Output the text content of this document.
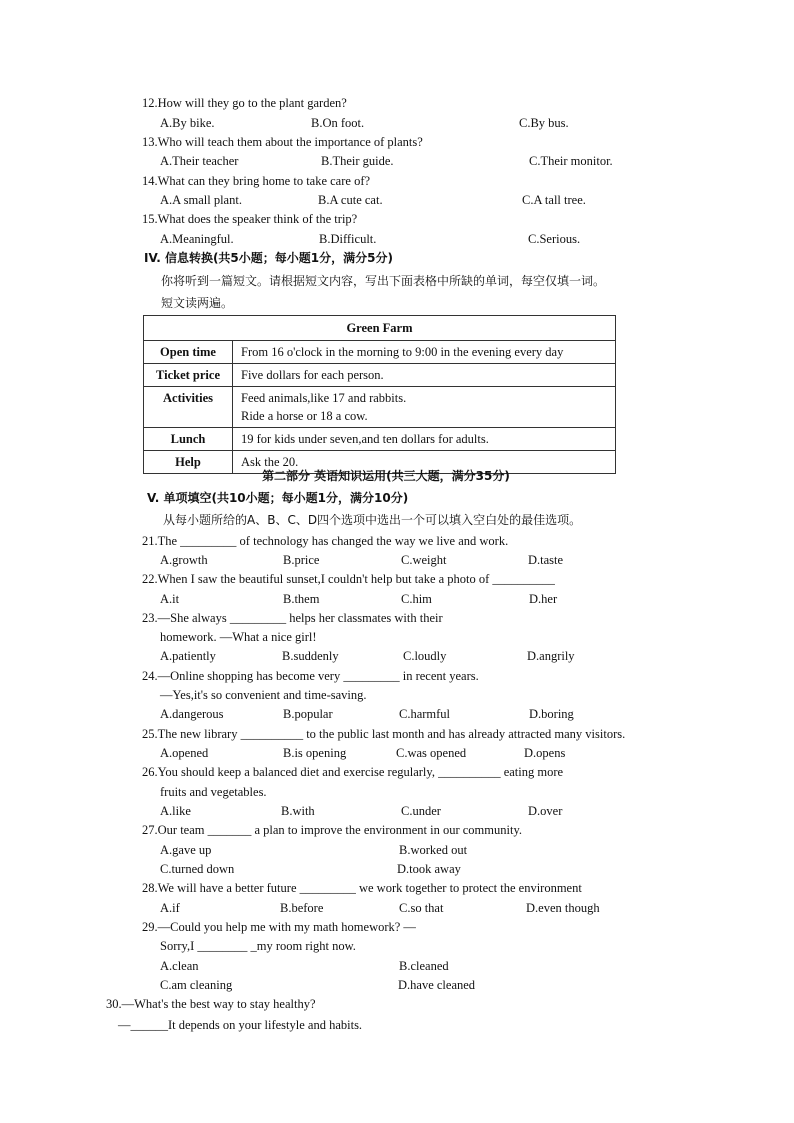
12.How will they go to the plant garden?
A.By bike.	B.On foot.	C.By bus.
13.Who will teach them about the importance of plants?
A.Their teacher	B.Their guide.	C.Their monitor.
14.What can they bring home to take care of?
A.A small plant.	B.A cute cat.	C.A tall tree.
15.What does the speaker think of the trip?
A.Meaningful.	B.Difficult.	C.Serious.
IV. 信息转换(共5小题；每小题1分，满分5分)
你将听到一篇短文。请根据短文内容，写出下面表格中所缺的单词，每空仅填一词。
短文读两遍。
Green Farm	
Open time	From 16 o'clock in the morning to 9:00 in the evening every day
Ticket price	Five dollars for each person.
Activities	Feed animals,like 17 and rabbits.
Ride a horse or 18 a cow.

Lunch	19 for kids under seven,and ten dollars for adults.
Help	Ask the 20.
第二部分 英语知识运用(共三大题，满分35分)
V. 单项填空(共10小题；每小题1分，满分10分)
从每小题所给的A、B、C、D四个选项中选出一个可以填入空白处的最佳选项。
21.The _________ of technology has changed the way we live and work.
A.growth	B.price	C.weight	D.taste
22.When I saw the beautiful sunset,I couldn't help but take a photo of __________
A.it	B.them	C.him	D.her
23.—She always _________ helps her classmates with their
homework. —What a nice girl!
A.patiently	B.suddenly	C.loudly	D.angrily
24.—Online shopping has become very _________ in recent years.
—Yes,it's so convenient and time-saving.
A.dangerous	B.popular	C.harmful	D.boring
25.The new library __________ to the public last month and has already attracted many visitors.
A.opened	B.is opening	C.was opened	D.opens
26.You should keep a balanced diet and exercise regularly, __________ eating more
fruits and vegetables.
A.like	B.with	C.under	D.over
27.Our team _______ a plan to improve the environment in our community.
A.gave up	B.worked out
C.turned down	D.took away
28.We will have a better future _________ we work together to protect the environment
A.if	B.before	C.so that	D.even though
29.—Could you help me with my math homework? —
Sorry,I ________ _my room right now.
A.clean	B.cleaned
C.am cleaning	D.have cleaned
30.—What's the best way to stay healthy?
—______It depends on your lifestyle and habits.
